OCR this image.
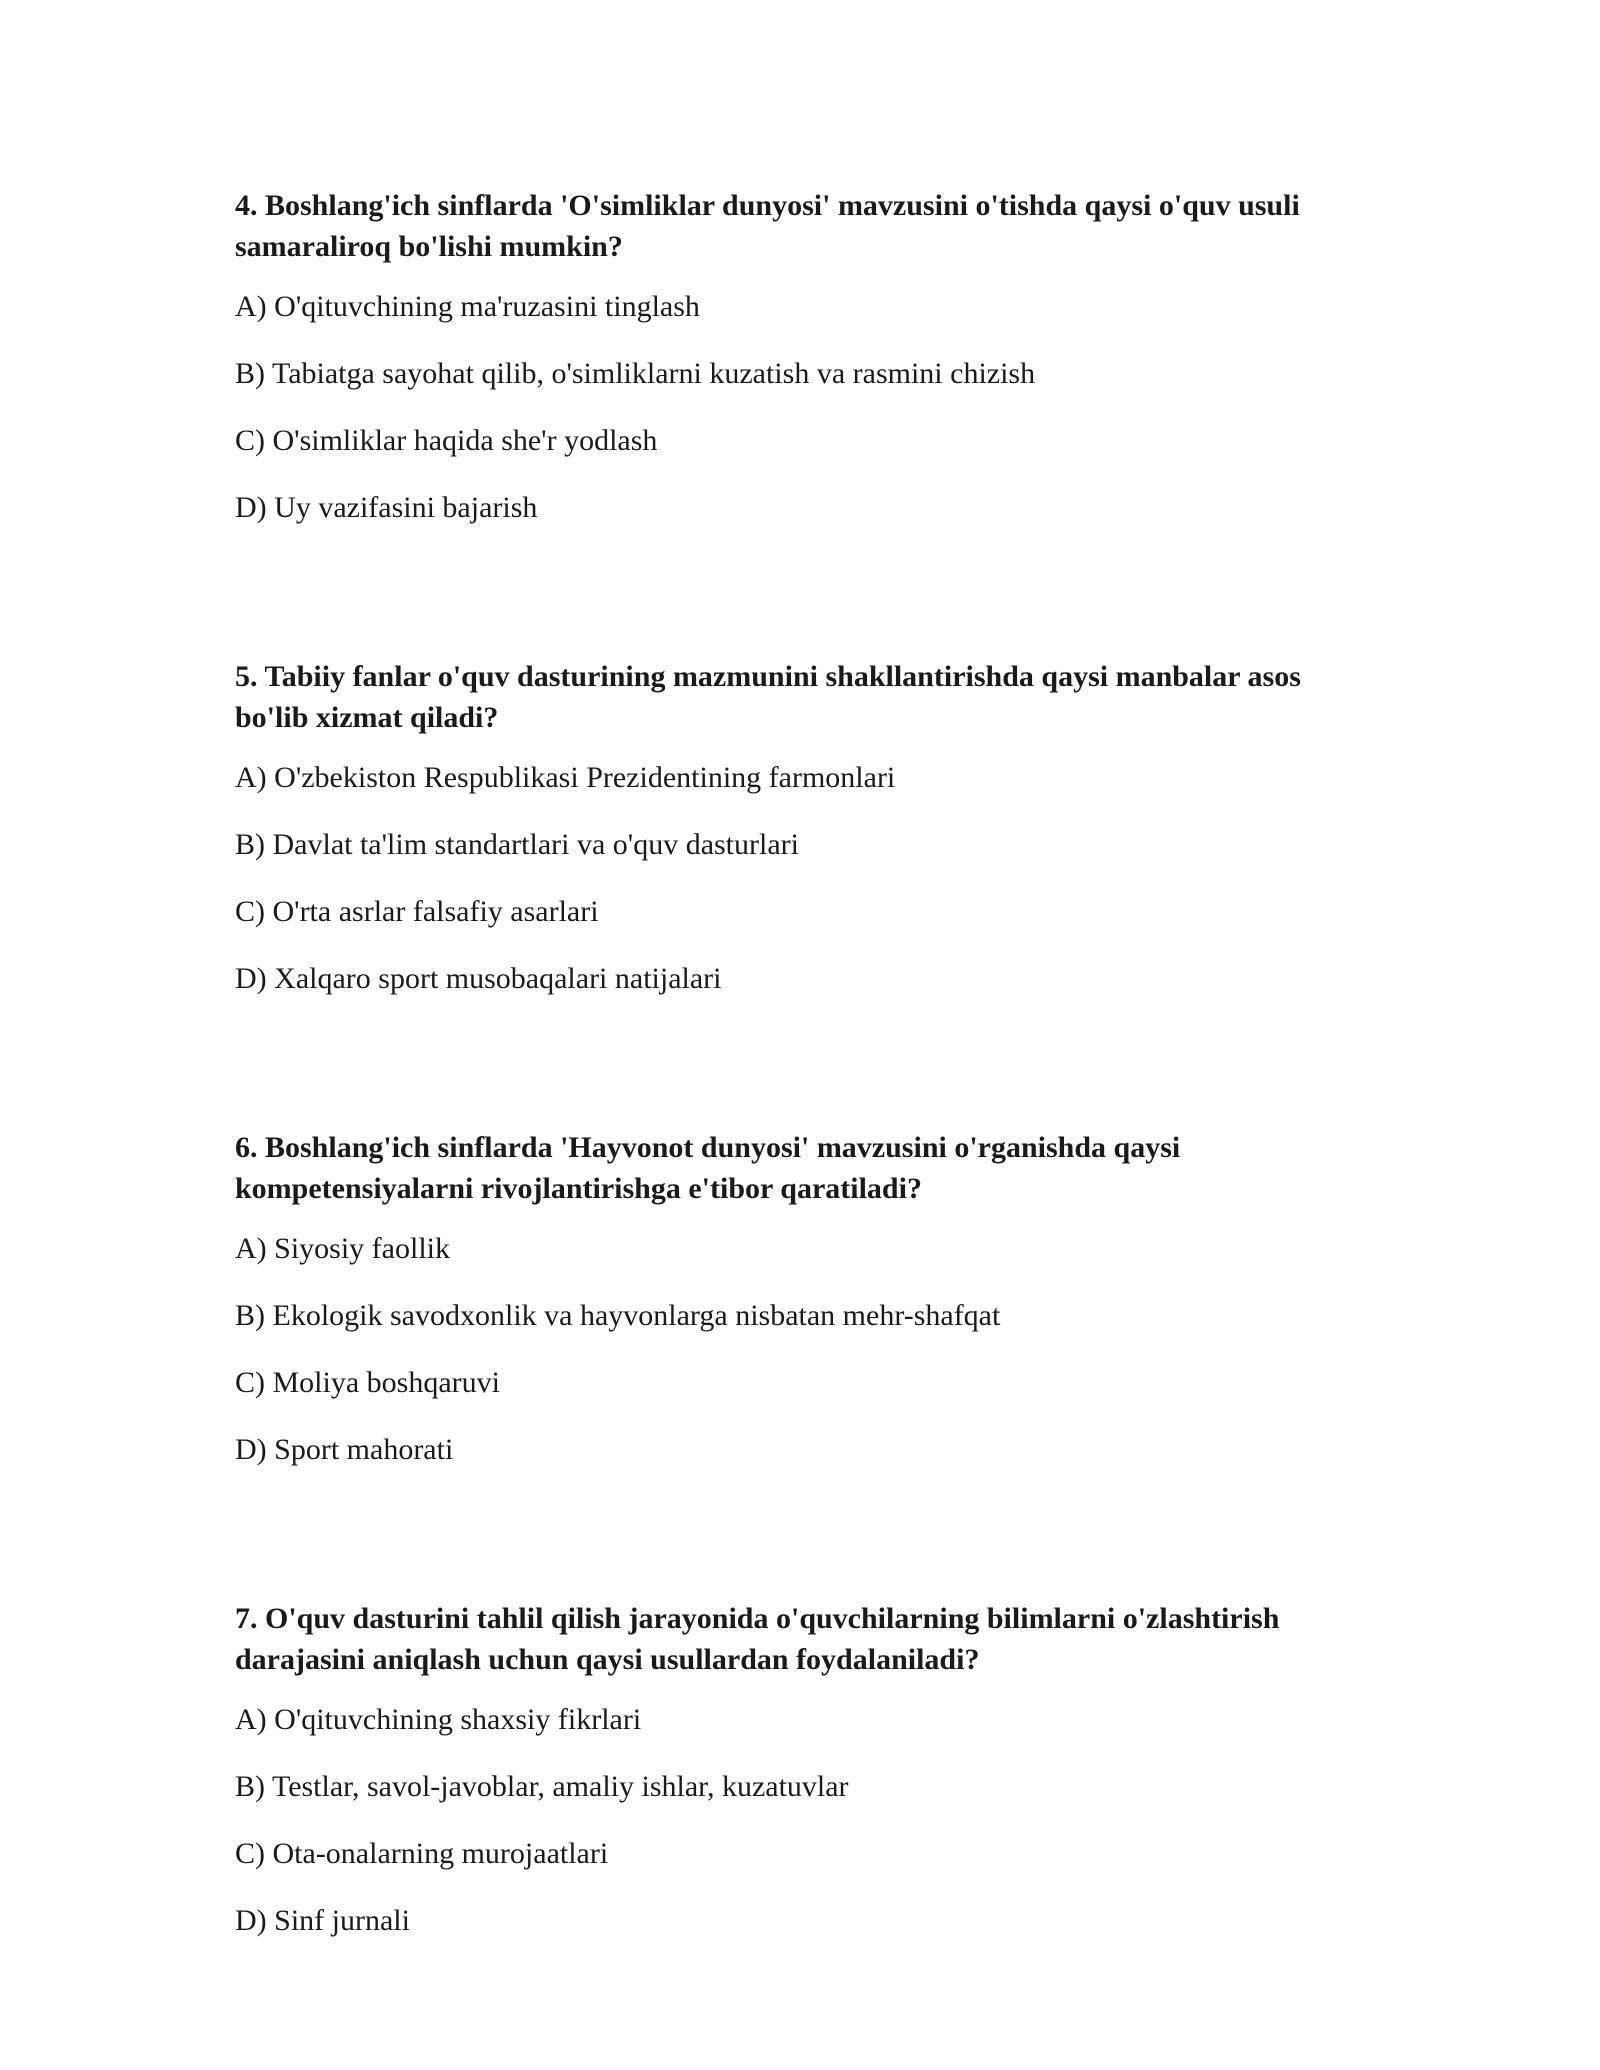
4. Boshlang'ich sinflarda 'O'simliklar dunyosi' mavzusini o'tishda qaysi o'quv usuli samaraliroq bo'lishi mumkin?

A) O'qituvchining ma'ruzasini tinglash

B) Tabiatga sayohat qilib, o'simliklarni kuzatish va rasmini chizish

C) O'simliklar haqida she'r yodlash

D) Uy vazifasini bajarish

5. Tabiiy fanlar o'quv dasturining mazmunini shakllantirishda qaysi manbalar asos bo'lib xizmat qiladi?

A) O'zbekiston Respublikasi Prezidentining farmonlari

B) Davlat ta'lim standartlari va o'quv dasturlari

C) O'rta asrlar falsafiy asarlari

D) Xalqaro sport musobaqalari natijalari

6. Boshlang'ich sinflarda 'Hayvonot dunyosi' mavzusini o'rganishda qaysi kompetensiyalarni rivojlantirishga e'tibor qaratiladi?

A) Siyosiy faollik

B) Ekologik savodxonlik va hayvonlarga nisbatan mehr-shafqat

C) Moliya boshqaruvi

D) Sport mahorati

7. O'quv dasturini tahlil qilish jarayonida o'quvchilarning bilimlarni o'zlashtirish darajasini aniqlash uchun qaysi usullardan foydalaniladi?

A) O'qituvchining shaxsiy fikrlari

B) Testlar, savol-javoblar, amaliy ishlar, kuzatuvlar

C) Ota-onalarning murojaatlari

D) Sinf jurnali
